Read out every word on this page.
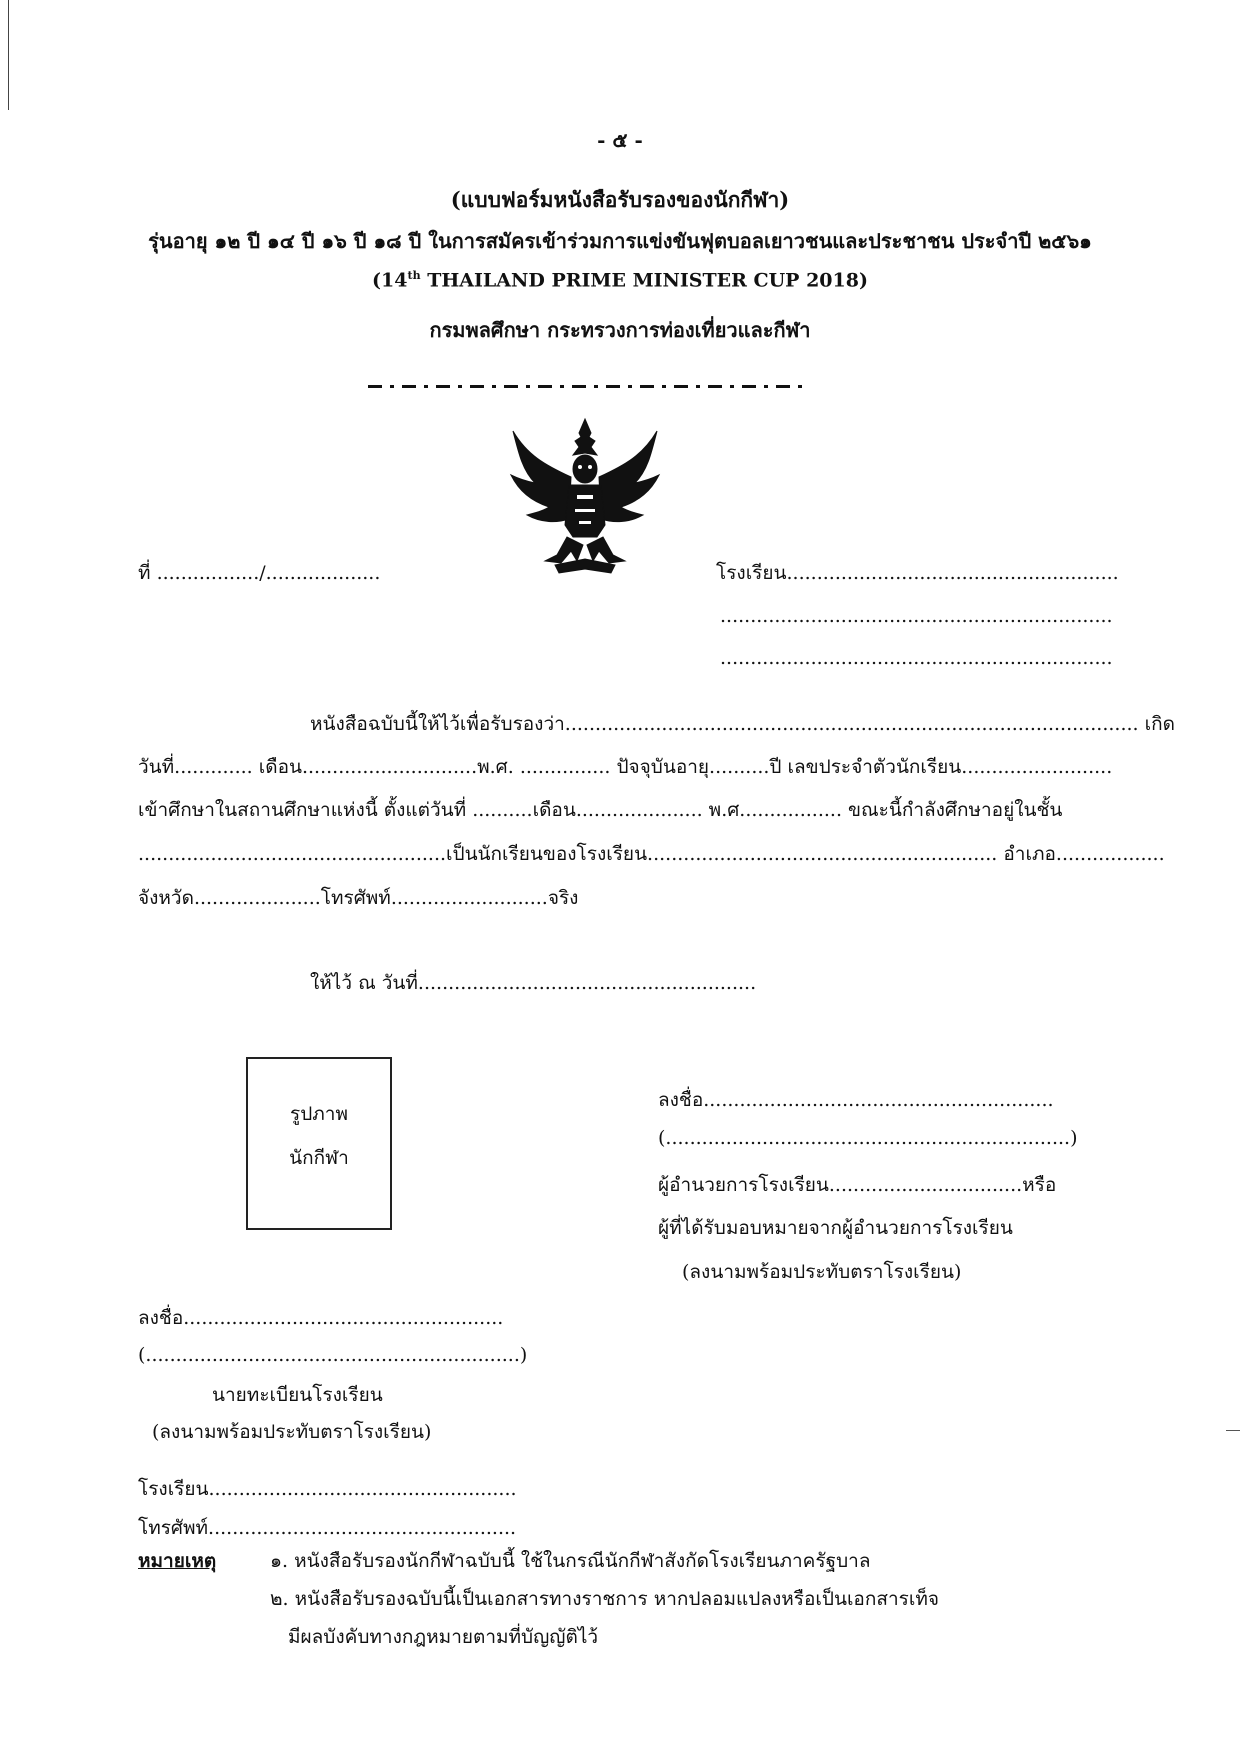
- ๕ -
(แบบฟอร์มหนังสือรับรองของนักกีฬา)
รุ่นอายุ ๑๒ ปี ๑๔ ปี ๑๖ ปี ๑๘ ปี ในการสมัครเข้าร่วมการแข่งขันฟุตบอลเยาวชนและประชาชน ประจำปี ๒๕๖๑
(14th THAILAND PRIME MINISTER CUP 2018)
กรมพลศึกษา กระทรวงการท่องเที่ยวและกีฬา
ที่ ................./...................	โรงเรียน.......................................................
.................................................................
.................................................................
หนังสือฉบับนี้ให้ไว้เพื่อรับรองว่า............................................................................................... เกิด
วันที่............. เดือน.............................พ.ศ. ............... ปัจจุบันอายุ..........ปี เลขประจำตัวนักเรียน.........................
เข้าศึกษาในสถานศึกษาแห่งนี้ ตั้งแต่วันที่ ..........เดือน..................... พ.ศ................. ขณะนี้กำลังศึกษาอยู่ในชั้น
...................................................เป็นนักเรียนของโรงเรียน.......................................................... อำเภอ..................
จังหวัด.....................โทรศัพท์..........................จริง
ให้ไว้ ณ วันที่........................................................
รูปภาพ
นักกีฬา
ลงชื่อ..........................................................
(...................................................................)
ผู้อำนวยการโรงเรียน................................หรือ
ผู้ที่ได้รับมอบหมายจากผู้อำนวยการโรงเรียน
(ลงนามพร้อมประทับตราโรงเรียน)
ลงชื่อ.....................................................
(..............................................................)
นายทะเบียนโรงเรียน
(ลงนามพร้อมประทับตราโรงเรียน)
โรงเรียน...................................................
โทรศัพท์...................................................
หมายเหตุ	๑. หนังสือรับรองนักกีฬาฉบับนี้ ใช้ในกรณีนักกีฬาสังกัดโรงเรียนภาครัฐบาล
๒. หนังสือรับรองฉบับนี้เป็นเอกสารทางราชการ หากปลอมแปลงหรือเป็นเอกสารเท็จ
มีผลบังคับทางกฎหมายตามที่บัญญัติไว้
